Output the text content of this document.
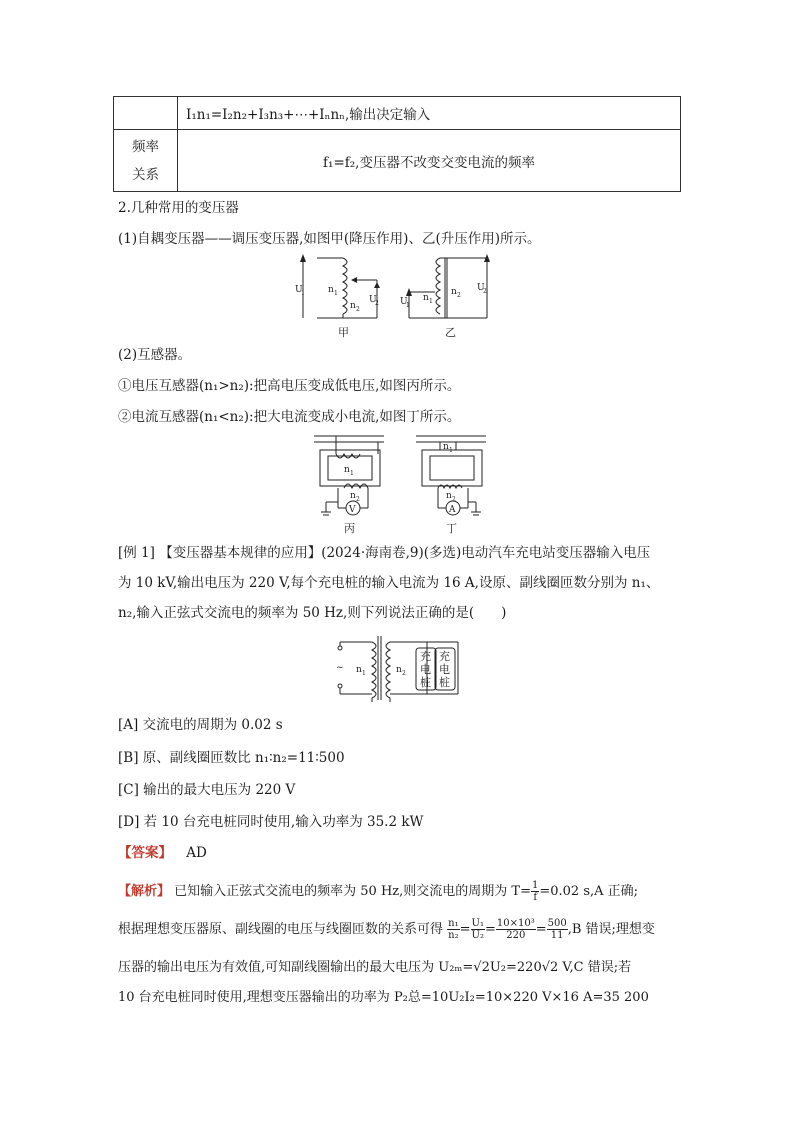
	I₁n₁=I₂n₂+I₃n₃+⋯+Iₙnₙ,输出决定输入

频率
关系	f₁=f₂,变压器不改变交变电流的频率
2.几种常用的变压器
(1)自耦变压器——调压变压器,如图甲(降压作用)、乙(升压作用)所示。
U
1	n 1
n 2
U
2 U
1
n 1
n 2
U
2
甲	乙
(2)互感器。
①电压互感器(n₁>n₂):把高电压变成低电压,如图丙所示。
②电流互感器(n₁<n₂):把大电流变成小电流,如图丁所示。
n 1
n 2
V
n 1
n 2
A
丙	丁
[例 1] 【变压器基本规律的应用】(2024·海南卷,9)(多选)电动汽车充电站变压器输入电压
为 10 kV,输出电压为 220 V,每个充电桩的输入电流为 16 A,设原、副线圈匝数分别为 n₁、
n₂,输入正弦式交流电的频率为 50 Hz,则下列说法正确的是(　　)
~ n 1	n 2
充
电
桩
充
电
桩
[A] 交流电的周期为 0.02 s
[B] 原、副线圈匝数比 n₁∶n₂=11∶500
[C] 输出的最大电压为 220 V
[D] 若 10 台充电桩同时使用,输入功率为 35.2 kW
【答案】 AD
【解析】 已知输入正弦式交流电的频率为 50 Hz,则交流电的周期为 $T= \frac{1}{f} =0.02$ s,A 正确;
根据理想变压器原、副线圈的电压与线圈匝数的关系可得 $\frac{\text{n₁}}{\text{n₂}} = \frac{\text{U₁}}{\text{U₂}} = \frac{\text{10×10³}}{220} = \frac{500}{11} ,B$ 错误;理想变
压器的输出电压为有效值,可知副线圈输出的最大电压为 U₂ₘ=√2U₂=220√2 V,C 错误;若
10 台充电桩同时使用,理想变压器输出的功率为 P₂总=10U₂I₂=10×220 V×16 A=35 200
